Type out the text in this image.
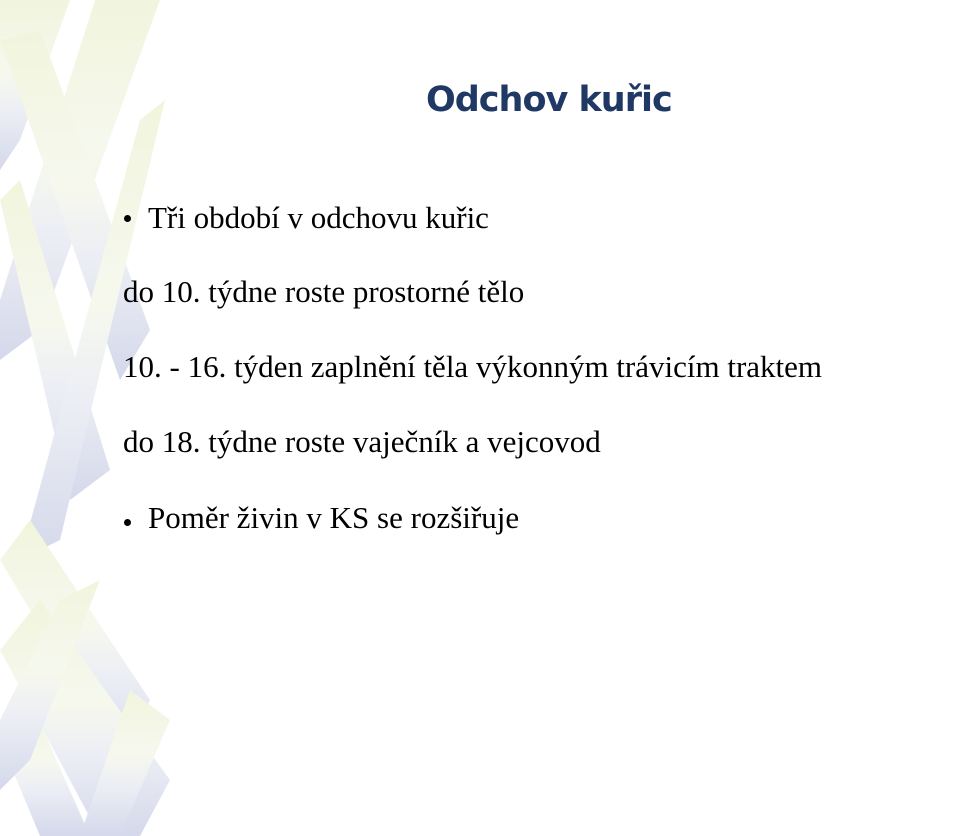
Odchov kuřic

Tři období v odchovu kuřic

do 10. týdne roste prostorné tělo

10. - 16. týden zaplnění těla výkonným trávicím traktem

do 18. týdne roste vaječník a vejcovod

Poměr živin v KS se rozšiřuje
